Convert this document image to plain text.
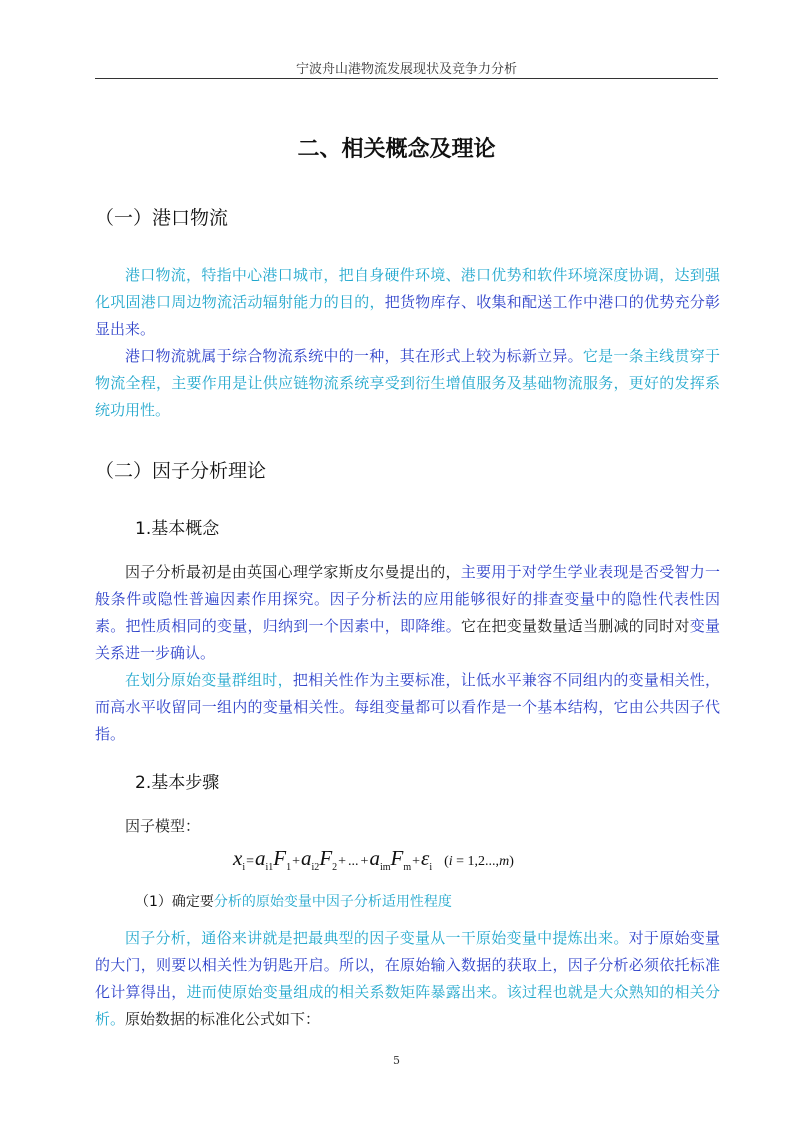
宁波舟山港物流发展现状及竞争力分析
二、相关概念及理论
（一）港口物流

港口物流，特指中心港口城市，把自身硬件环境、港口优势和软件环境深度协调，达到强化巩固港口周边物流活动辐射能力的目的，把货物库存、收集和配送工作中港口的优势充分彰显出来。

港口物流就属于综合物流系统中的一种，其在形式上较为标新立异。它是一条主线贯穿于物流全程，主要作用是让供应链物流系统享受到衍生增值服务及基础物流服务，更好的发挥系统功用性。

（二）因子分析理论
1.基本概念

因子分析最初是由英国心理学家斯皮尔曼提出的，主要用于对学生学业表现是否受智力一般条件或隐性普遍因素作用探究。因子分析法的应用能够很好的排查变量中的隐性代表性因素。把性质相同的变量，归纳到一个因素中，即降维。它在把变量数量适当删减的同时对变量关系进一步确认。

在划分原始变量群组时，把相关性作为主要标准，让低水平兼容不同组内的变量相关性，而高水平收留同一组内的变量相关性。每组变量都可以看作是一个基本结构，它由公共因子代指。

2.基本步骤
因子模型：
$x_i=a_{i1}F_1+a_{i2}F_2+$ ... $+a_{im}F_m+\varepsilon_i$ (i = 1,2...,m)
（1）确定要分析的原始变量中因子分析适用性程度

因子分析，通俗来讲就是把最典型的因子变量从一干原始变量中提炼出来。对于原始变量的大门，则要以相关性为钥匙开启。所以，在原始输入数据的获取上，因子分析必须依托标准化计算得出，进而使原始变量组成的相关系数矩阵暴露出来。该过程也就是大众熟知的相关分析。原始数据的标准化公式如下：

5
